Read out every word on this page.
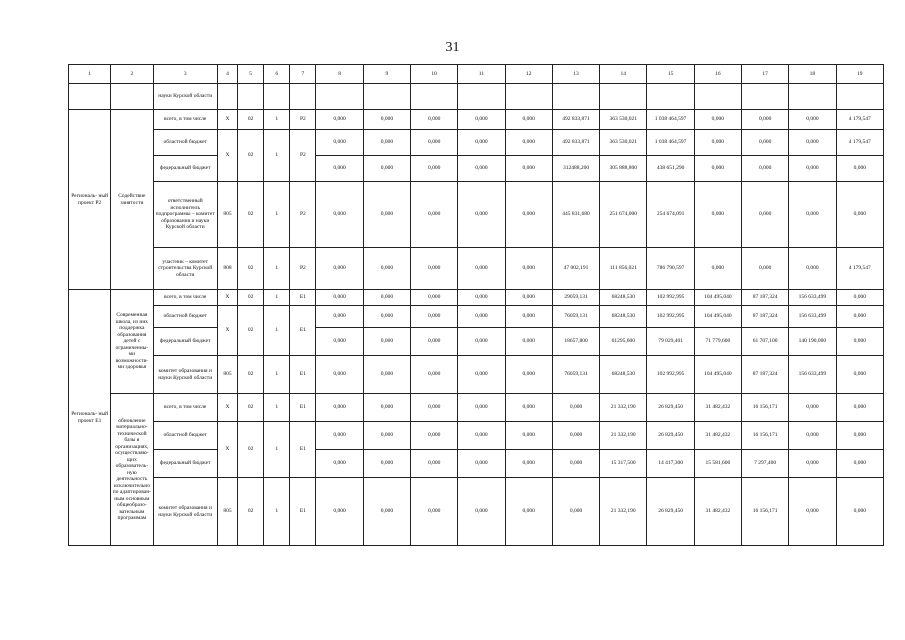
31
1	2	3	4	5	6	7	8	9	10	11	12	13	14	15	16	17	18	19
		науки Курской области																
Региональ- ный проект Р2	Содействие занятости	всего, в том числе	X	02	1	Р2	0,000	0,000	0,000	0,000	0,000	492 833,871	363 530,021	1 038 464,597	0,000	0,000	0,000	4 179,547
		областной бюджет	X	02	1	Р2	0,000	0,000	0,000	0,000	0,000	492 833,871	363 530,021	1 038 464,597	0,000	0,000	0,000	4 179,547
		федеральный бюджет					0,000	0,000	0,000	0,000	0,000	312488,200	305 888,800	438 651,290	0,000	0,000	0,000	0,000
		ответственный исполнитель подпрограммы – комитет образования и науки Курской области	805	02	1	Р2	0,000	0,000	0,000	0,000	0,000	445 831,680	251 674,000	254 674,091	0,000	0,000	0,000	0,000
		участник – комитет строительства Курской области	808	02	1	Р2	0,000	0,000	0,000	0,000	0,000	47 002,191	111 856,021	786 790,597	0,000	0,000	0,000	4 179,547
Региональ- ный проект Е1	Современная школа, из них поддержка образования детей с ограниченны- ми возможностя- ми здоровья	всего, в том числе	X	02	1	Е1	0,000	0,000	0,000	0,000	0,000	29059,131	68248,530	102 992,995	104 495,040	87 187,324	156 633,499	0,000
		областной бюджет	X	02	1	Е1	0,000	0,000	0,000	0,000	0,000	76059,131	68248,530	102 992,995	104 495,040	87 187,324	156 633,499	0,000
		федеральный бюджет					0,000	0,000	0,000	0,000	0,000	18657,800	61295,600	79 029,401	71 779,600	61 707,100	140 190,000	0,000
		комитет образования и науки Курской области	805	02	1	Е1	0,000	0,000	0,000	0,000	0,000	76059,131	68248,530	102 992,995	104 495,040	87 187,324	156 633,499	0,000
	обновление материально- технической базы в организациях, осуществляю- щих образователь- ную деятельность исключительно по адаптирован- ным основным общеобразо- вательным программам	всего, в том числе	X	02	1	Е1	0,000	0,000	0,000	0,000	0,000	0,000	21 332,190	26 829,450	31 482,432	16 156,171	0,000	0,000
		областной бюджет	X	02	1	Е1	0,000	0,000	0,000	0,000	0,000	0,000	21 332,190	26 829,450	31 482,432	16 156,171	0,000	0,000
		федеральный бюджет					0,000	0,000	0,000	0,000	0,000	0,000	15 317,500	14 417,300	15 581,600	7 297,400	0,000	0,000
		комитет образования и науки Курской области	805	02	1	Е1	0,000	0,000	0,000	0,000	0,000	0,000	21 332,190	26 829,450	31 482,432	16 156,171	0,000	0,000
